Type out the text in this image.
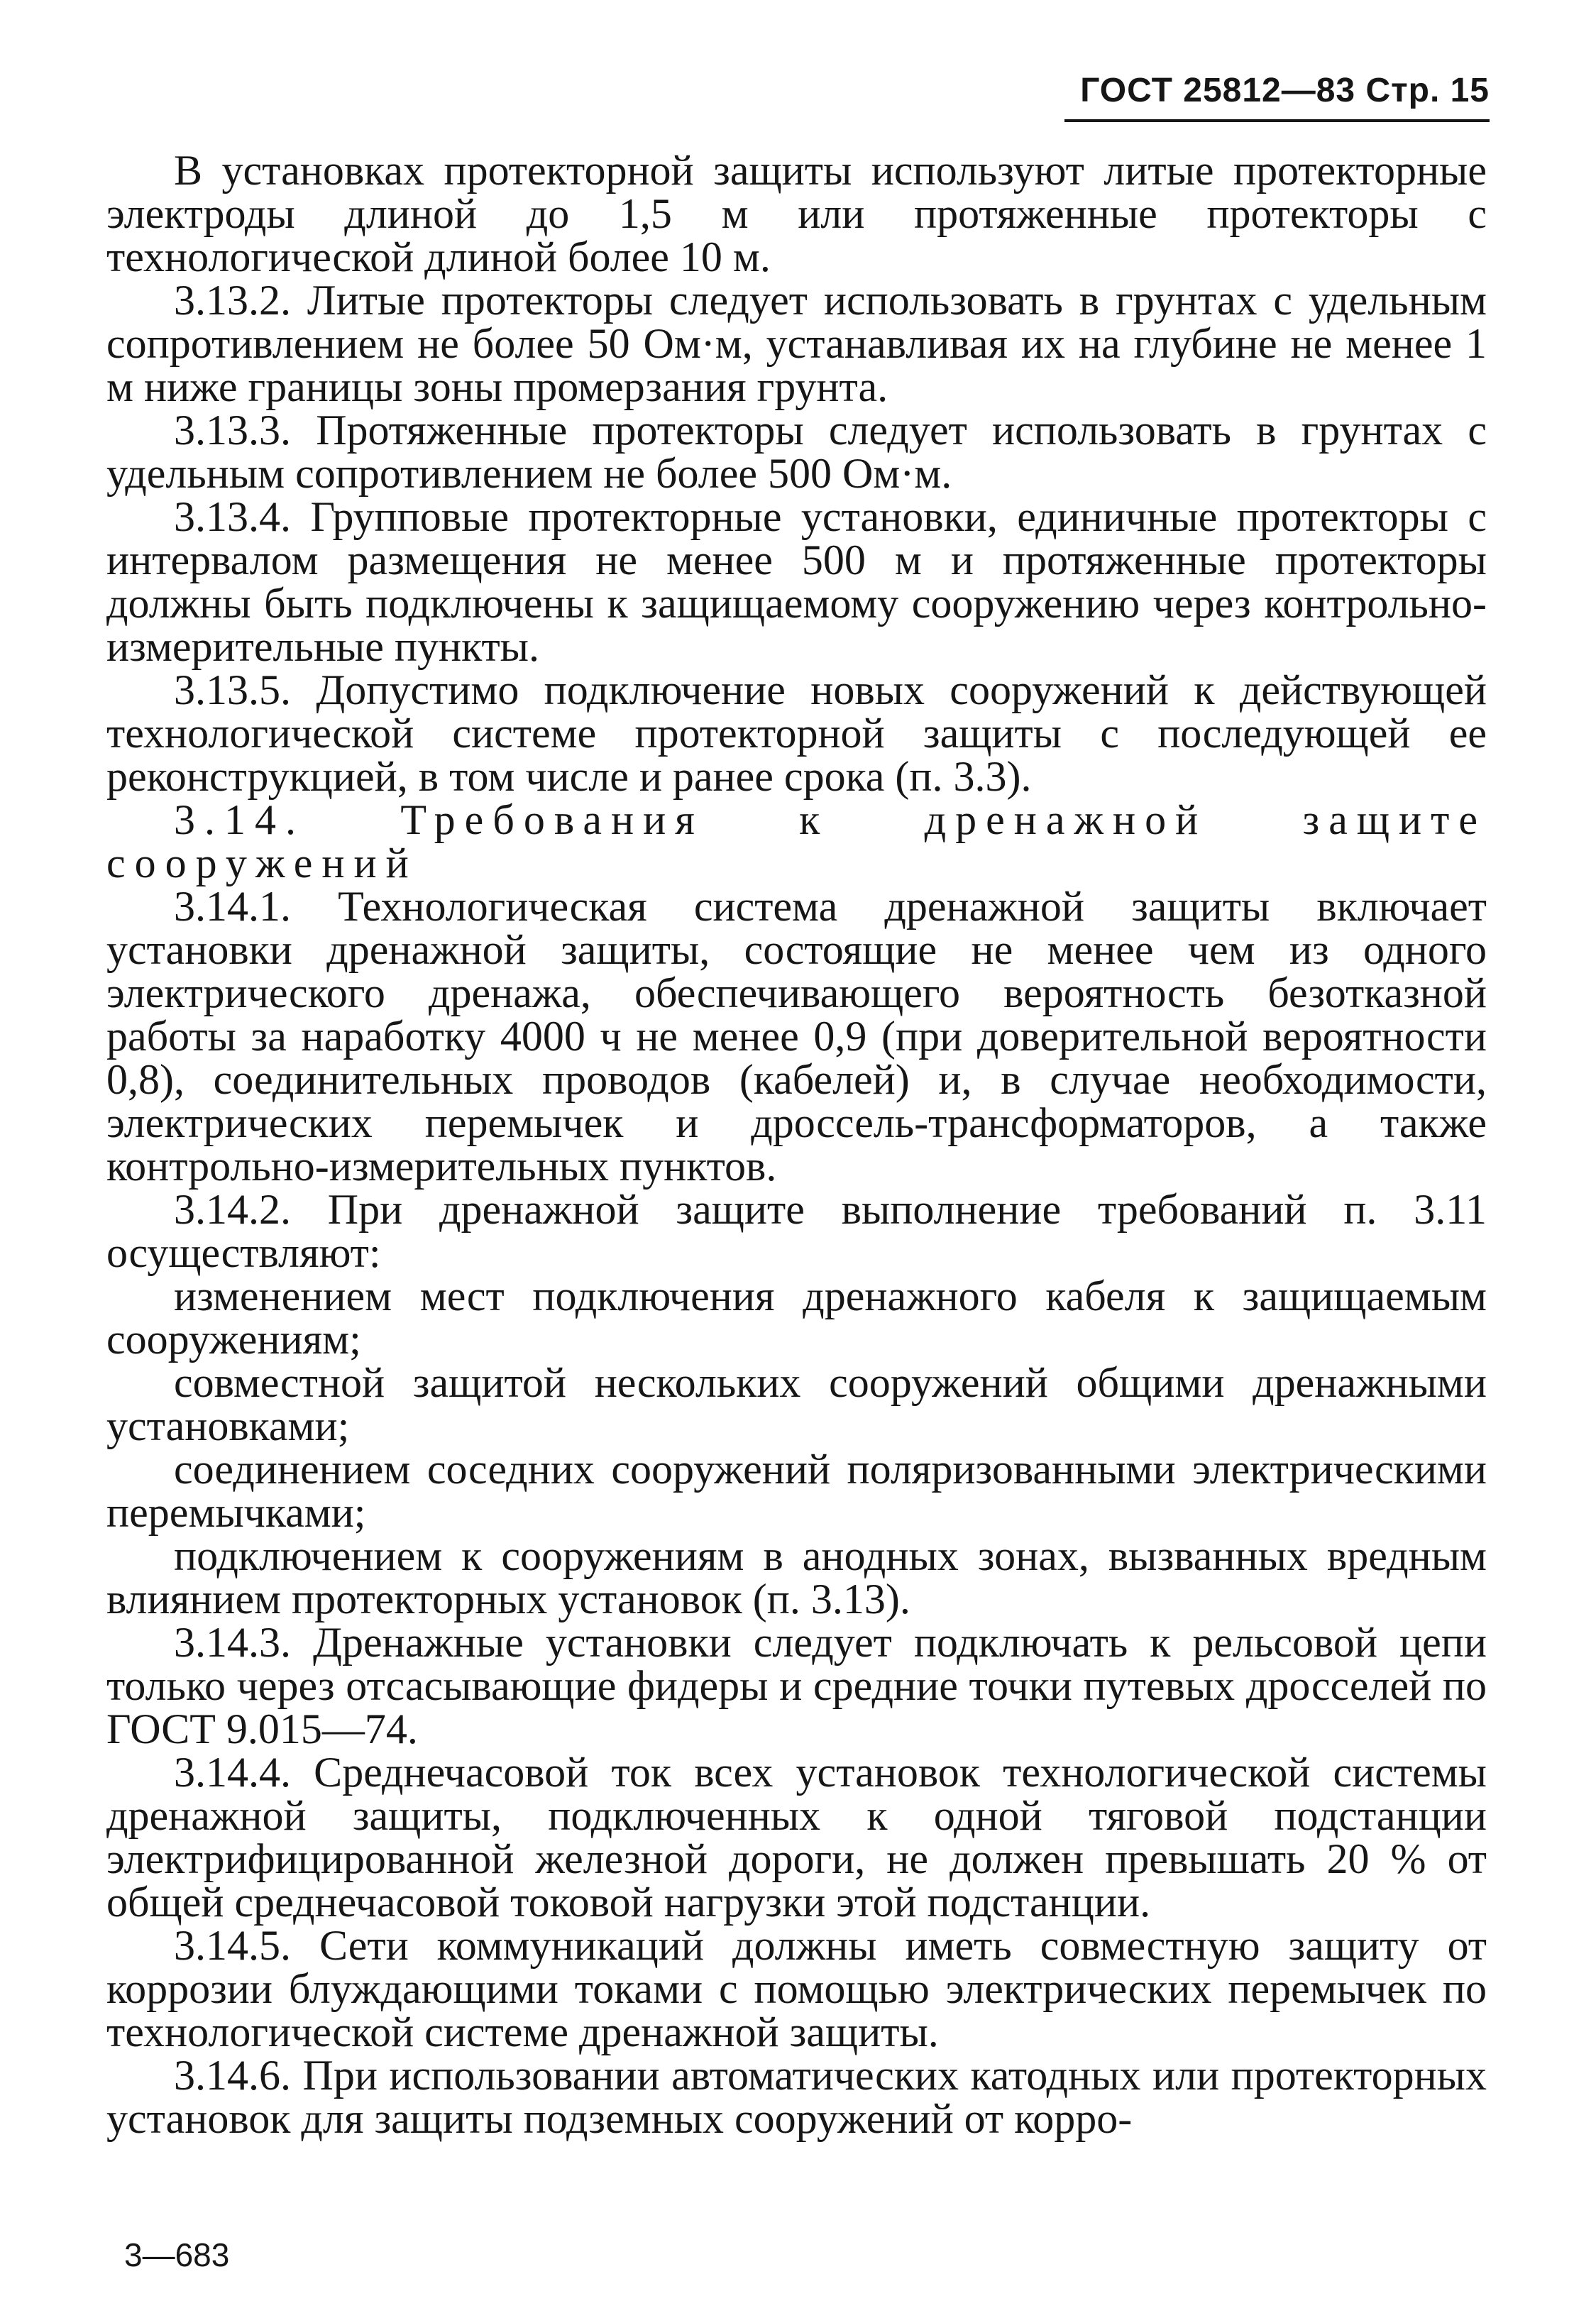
ГОСТ 25812—83 Стр. 15

В установках протекторной защиты используют литые протекторные электроды длиной до 1,5 м или протяженные протекторы с технологической длиной более 10 м.

3.13.2. Литые протекторы следует использовать в грунтах с удельным сопротивлением не более 50 Ом·м, устанавливая их на глубине не менее 1 м ниже границы зоны промерзания грунта.

3.13.3. Протяженные протекторы следует использовать в грунтах с удельным сопротивлением не более 500 Ом·м.

3.13.4. Групповые протекторные установки, единичные протекторы с интервалом размещения не менее 500 м и протяженные протекторы должны быть подключены к защищаемому сооружению через контрольно-измерительные пункты.

3.13.5. Допустимо подключение новых сооружений к действующей технологической системе протекторной защиты с последующей ее реконструкцией, в том числе и ранее срока (п. 3.3).

3.14. Требования к дренажной защите сооружений

3.14.1. Технологическая система дренажной защиты включает установки дренажной защиты, состоящие не менее чем из одного электрического дренажа, обеспечивающего вероятность безотказной работы за наработку 4000 ч не менее 0,9 (при доверительной вероятности 0,8), соединительных проводов (кабелей) и, в случае необходимости, электрических перемычек и дроссель-трансформаторов, а также контрольно-измерительных пунктов.

3.14.2. При дренажной защите выполнение требований п. 3.11 осуществляют:

изменением мест подключения дренажного кабеля к защищаемым сооружениям;

совместной защитой нескольких сооружений общими дренажными установками;

соединением соседних сооружений поляризованными электрическими перемычками;

подключением к сооружениям в анодных зонах, вызванных вредным влиянием протекторных установок (п. 3.13).

3.14.3. Дренажные установки следует подключать к рельсовой цепи только через отсасывающие фидеры и средние точки путевых дросселей по ГОСТ 9.015—74.

3.14.4. Среднечасовой ток всех установок технологической системы дренажной защиты, подключенных к одной тяговой подстанции электрифицированной железной дороги, не должен превышать 20 % от общей среднечасовой токовой нагрузки этой подстанции.

3.14.5. Сети коммуникаций должны иметь совместную защиту от коррозии блуждающими токами с помощью электрических перемычек по технологической системе дренажной защиты.

3.14.6. При использовании автоматических катодных или протекторных установок для защиты подземных сооружений от корро-

3—683
